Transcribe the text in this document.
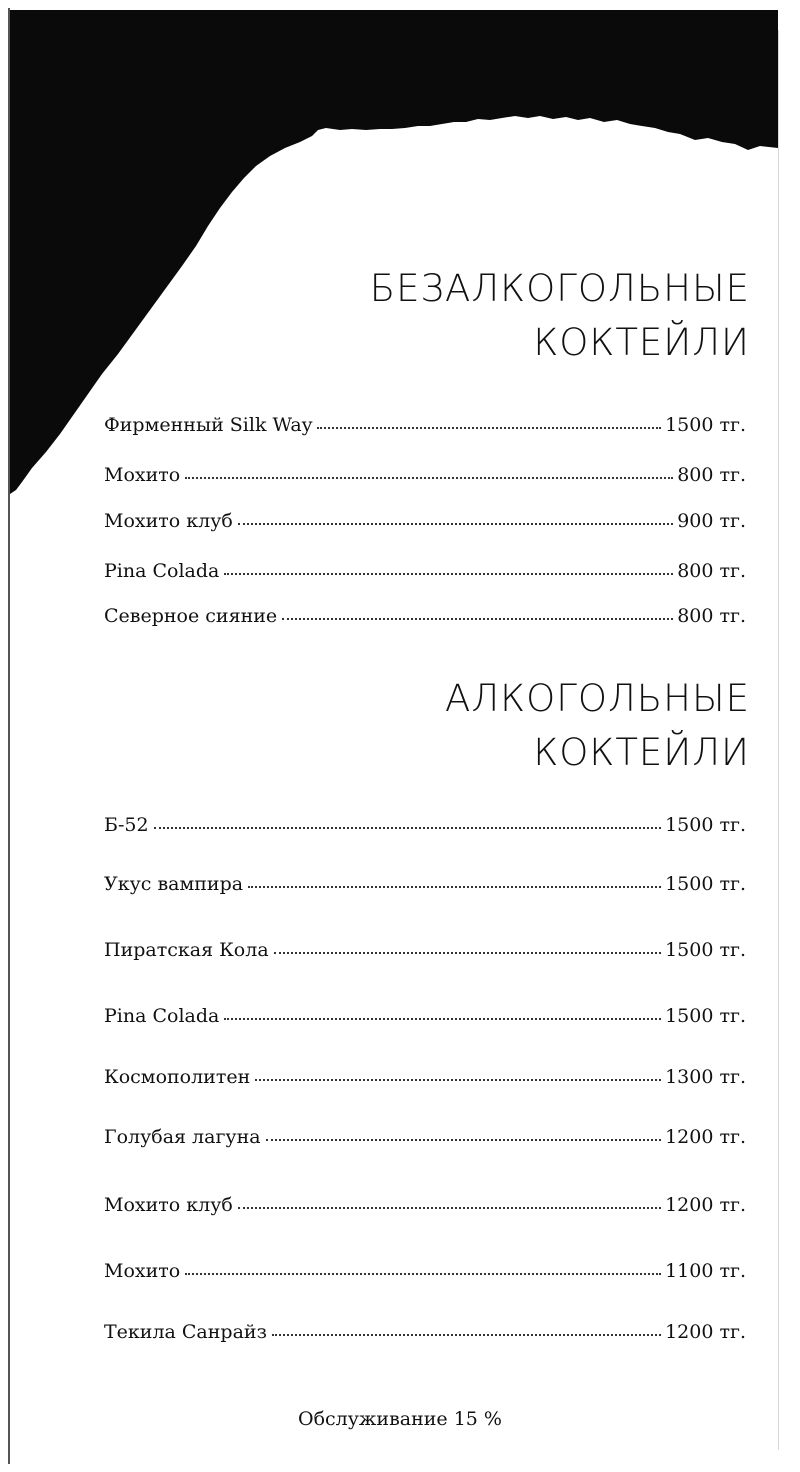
БЕЗАЛКОГОЛЬНЫЕ
КОКТЕЙЛИ
Фирменный Silk Way	1500 тг.
Мохито	800 тг.
Мохито клуб	900 тг.
Pina Colada	800 тг.
Северное сияние	800 тг.
АЛКОГОЛЬНЫЕ
КОКТЕЙЛИ
Б-52	1500 тг.
Укус вампира	1500 тг.
Пиратская Кола	1500 тг.
Pina Colada	1500 тг.
Космополитен	1300 тг.
Голубая лагуна	1200 тг.
Мохито клуб	1200 тг.
Мохито	1100 тг.
Текила Санрайз	1200 тг.
Обслуживание 15 %
